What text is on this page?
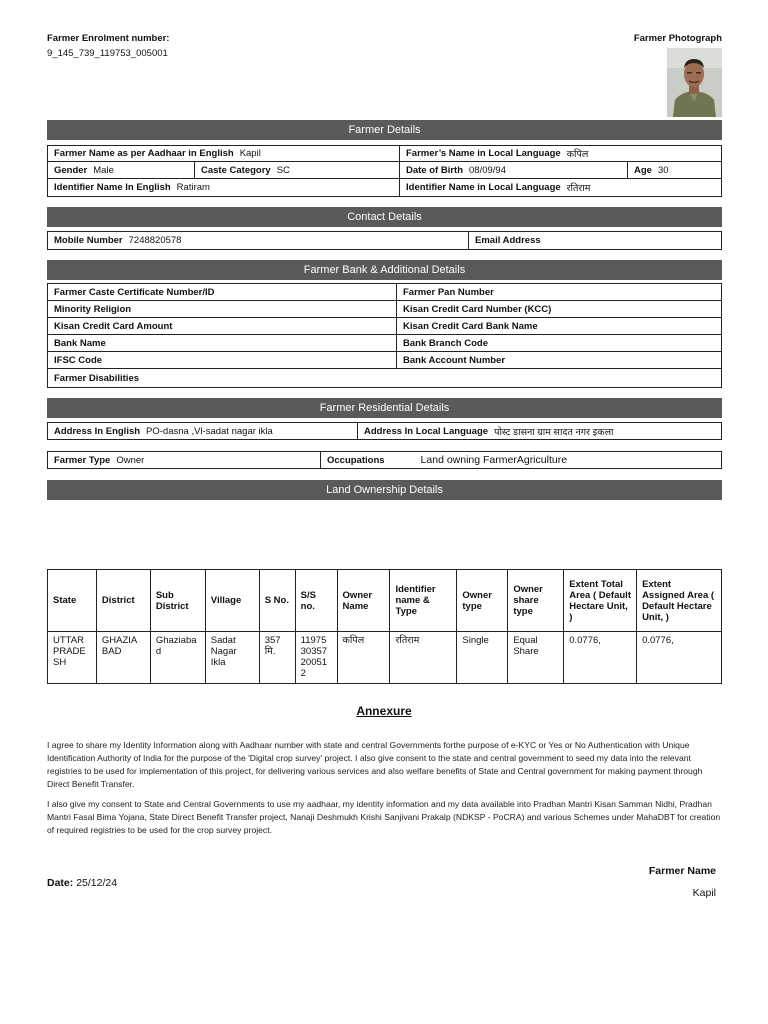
Farmer Enrolment number:
9_145_739_119753_005001
Farmer Photograph
Farmer Details
Farmer Name as per Aadhaar in English Kapil	Farmer’s Name in Local Language कपिल
Gender Male	Caste Category SC	Date of Birth 08/09/94	Age 30
Identifier Name In English Ratiram	Identifier Name in Local Language रतिराम
Contact Details
Mobile Number 7248820578	Email Address
Farmer Bank & Additional Details
Farmer Caste Certificate Number/ID	Farmer Pan Number
Minority Religion	Kisan Credit Card Number (KCC)
Kisan Credit Card Amount	Kisan Credit Card Bank Name
Bank Name	Bank Branch Code
IFSC Code	Bank Account Number
Farmer Disabilities
Farmer Residential Details
Address In English PO-dasna ,Vl-sadat nagar ikla	Address In Local Language पोस्ट डासना ग्राम सादत नगर इकला
Farmer Type Owner	Occupations	Land owning FarmerAgriculture
Land Ownership Details
State	District	Sub District	Village	S No.	S/S no.	Owner Name	Identifier name & Type	Owner type	Owner share type	Extent Total Area ( Default Hectare Unit, )	Extent Assigned Area ( Default Hectare Unit, )
UTTAR PRADESH	GHAZIA BAD	Ghaziabad	Sadat Nagar Ikla	357 मि.	119753035720051 2	कपिल	रतिराम	Single	Equal Share	0.0776,	0.0776,
Annexure
I agree to share my Identity Information along with Aadhaar number with state and central Governments forthe purpose of e-KYC or Yes or No Authentication with Unique Identification Authority of India for the purpose of the 'Digital crop survey' project. I also give consent to the state and central government to seed my data into the relevant registries to be used for implementation of this project, for delivering various services and also welfare benefits of State and Central government for making payment through Direct Benefit Transfer.
I also give my consent to State and Central Governments to use my aadhaar, my identity information and my data available into Pradhan Mantri Kisan Samman Nidhi, Pradhan Mantri Fasal Bima Yojana, State Direct Benefit Transfer project, Nanaji Deshmukh Krishi Sanjivani Prakalp (NDKSP - PoCRA) and various Schemes under MahaDBT for creation of required registries to be used for the crop survey project.
Date: 25/12/24
Farmer Name
Kapil
